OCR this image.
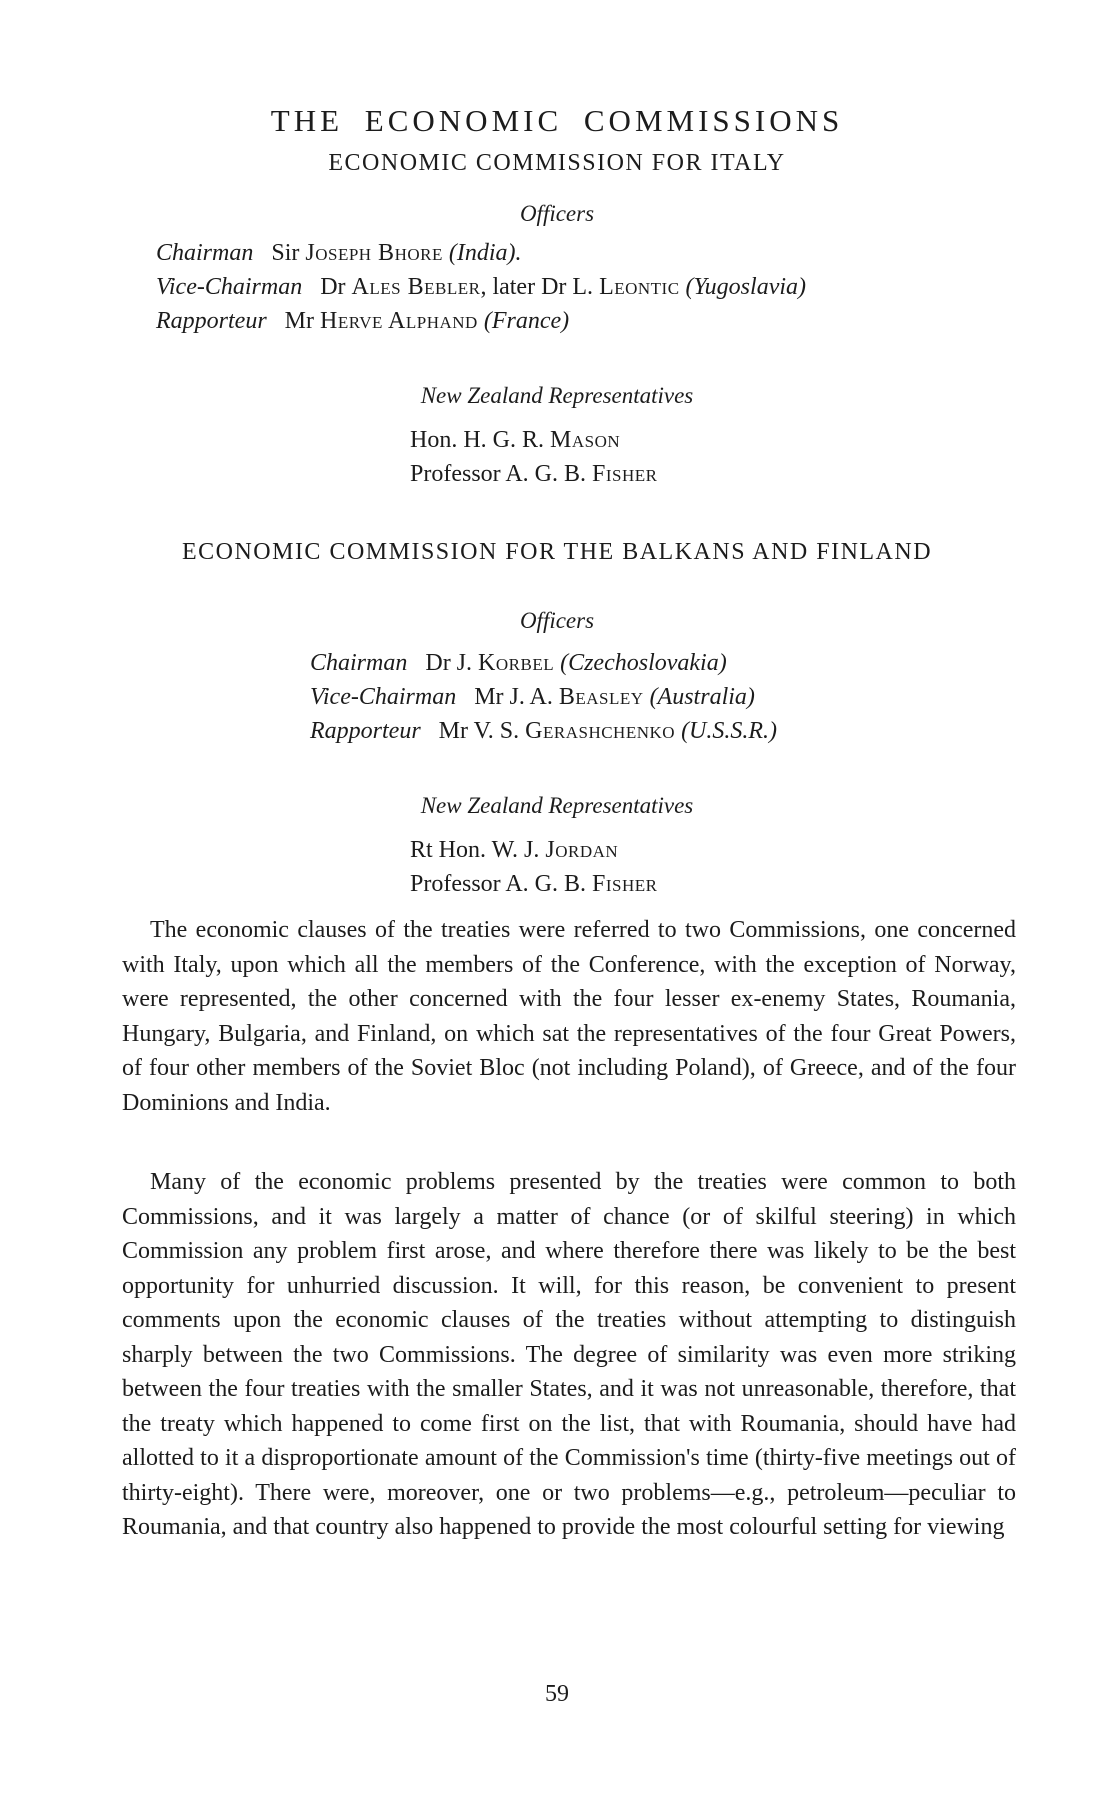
THE ECONOMIC COMMISSIONS
ECONOMIC COMMISSION FOR ITALY
Officers
Chairman Sir Joseph Bhore (India).
Vice-Chairman Dr Ales Bebler, later Dr L. Leontic (Yugoslavia)
Rapporteur Mr Herve Alphand (France)
New Zealand Representatives
Hon. H. G. R. Mason
Professor A. G. B. Fisher
ECONOMIC COMMISSION FOR THE BALKANS AND FINLAND
Officers
Chairman Dr J. Korbel (Czechoslovakia)
Vice-Chairman Mr J. A. Beasley (Australia)
Rapporteur Mr V. S. Gerashchenko (U.S.S.R.)
New Zealand Representatives
Rt Hon. W. J. Jordan
Professor A. G. B. Fisher

The economic clauses of the treaties were referred to two Commissions, one concerned with Italy, upon which all the members of the Conference, with the exception of Norway, were represented, the other concerned with the four lesser ex-enemy States, Roumania, Hungary, Bulgaria, and Finland, on which sat the representatives of the four Great Powers, of four other members of the Soviet Bloc (not including Poland), of Greece, and of the four Dominions and India.

Many of the economic problems presented by the treaties were common to both Commissions, and it was largely a matter of chance (or of skilful steering) in which Commission any problem first arose, and where therefore there was likely to be the best opportunity for unhurried discussion. It will, for this reason, be convenient to present comments upon the economic clauses of the treaties without attempting to distinguish sharply between the two Commissions. The degree of similarity was even more striking between the four treaties with the smaller States, and it was not unreasonable, therefore, that the treaty which happened to come first on the list, that with Roumania, should have had allotted to it a disproportionate amount of the Commission's time (thirty-five meetings out of thirty-eight). There were, moreover, one or two problems—e.g., petroleum—peculiar to Roumania, and that country also happened to provide the most colourful setting for viewing

59
